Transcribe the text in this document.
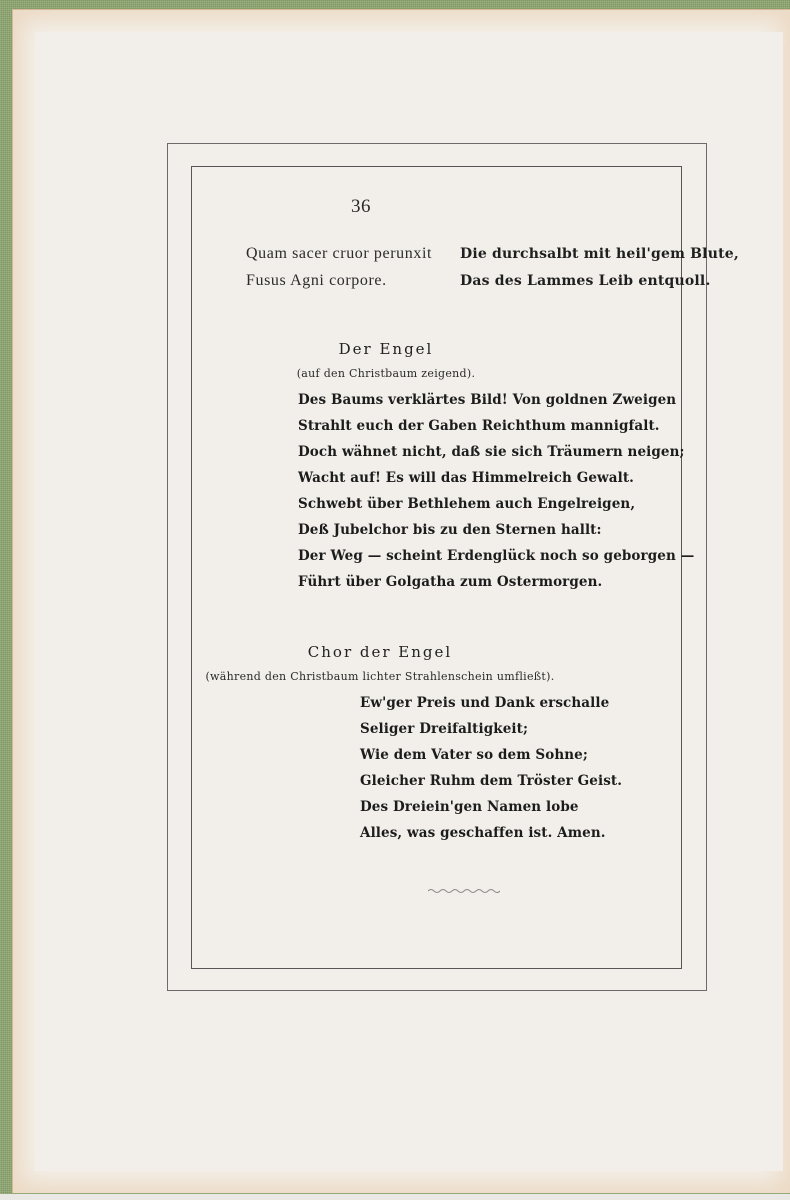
36
Quam sacer cruor perunxit Die durchsalbt mit heil'gem Blute,
Fusus Agni corpore.	Das des Lammes Leib entquoll.
Der Engel
(auf den Christbaum zeigend).
Des Baums verklärtes Bild! Von goldnen Zweigen
Strahlt euch der Gaben Reichthum mannigfalt.
Doch wähnet nicht, daß sie sich Träumern neigen;
Wacht auf! Es will das Himmelreich Gewalt.
Schwebt über Bethlehem auch Engelreigen,
Deß Jubelchor bis zu den Sternen hallt:
Der Weg — scheint Erdenglück noch so geborgen —
Führt über Golgatha zum Ostermorgen.
Chor der Engel
(während den Christbaum lichter Strahlenschein umfließt).
Ew'ger Preis und Dank erschalle
Seliger Dreifaltigkeit;
Wie dem Vater so dem Sohne;
Gleicher Ruhm dem Tröster Geist.
Des Dreiein'gen Namen lobe
Alles, was geschaffen ist. Amen.
